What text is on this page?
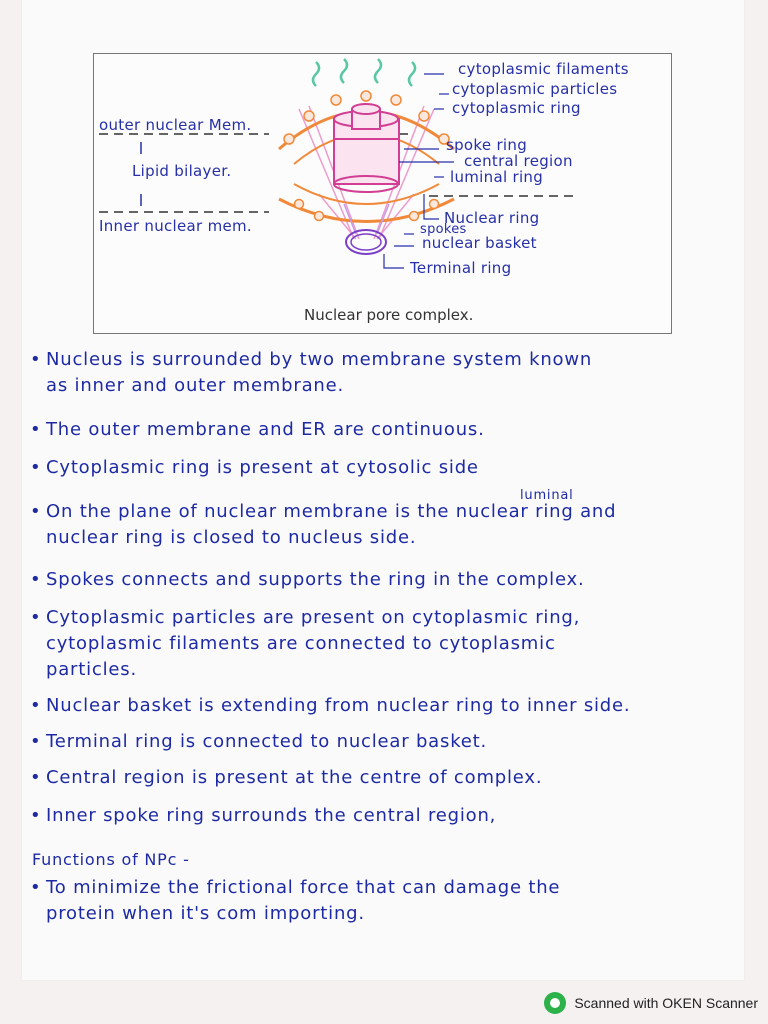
cytoplasmic filaments
cytoplasmic particles
cytoplasmic ring
outer nuclear Mem.
spoke ring
central region
Lipid bilayer.	luminal ring
Nuclear ring
spokes
Inner nuclear mem.
nuclear basket
Terminal ring
Nuclear pore complex.
• Nucleus is surrounded by two membrane system known
as inner and outer membrane.
• The outer membrane and ER are continuous.
• Cytoplasmic ring is present at cytosolic side
luminal
• On the plane of nuclear membrane is the nuclear ring and
nuclear ring is closed to nucleus side.
• Spokes connects and supports the ring in the complex.
• Cytoplasmic particles are present on cytoplasmic ring,
cytoplasmic filaments are connected to cytoplasmic
particles.
• Nuclear basket is extending from nuclear ring to inner side.
• Terminal ring is connected to nuclear basket.
• Central region is present at the centre of complex.
• Inner spoke ring surrounds the central region,
Functions of NPc -
• To minimize the frictional force that can damage the
protein when it's com importing.
Scanned with OKEN Scanner
